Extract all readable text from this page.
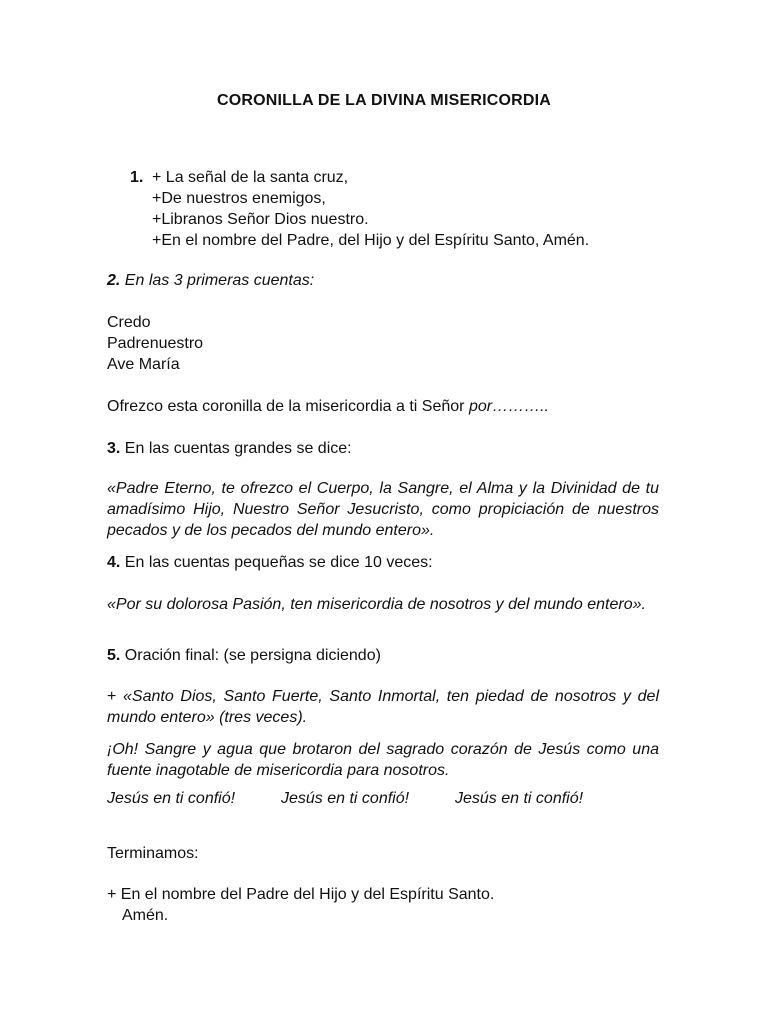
CORONILLA DE LA DIVINA MISERICORDIA
1. + La señal de la santa cruz,
+De nuestros enemigos,
+Libranos Señor Dios nuestro.
+En el nombre del Padre, del Hijo y del Espíritu Santo, Amén.
2. En las 3 primeras cuentas:
Credo
Padrenuestro
Ave María
Ofrezco esta coronilla de la misericordia a ti Señor por………..
3. En las cuentas grandes se dice:
«Padre Eterno, te ofrezco el Cuerpo, la Sangre, el Alma y la Divinidad de tu amadísimo Hijo, Nuestro Señor Jesucristo, como propiciación de nuestros pecados y de los pecados del mundo entero».
4. En las cuentas pequeñas se dice 10 veces:
«Por su dolorosa Pasión, ten misericordia de nosotros y del mundo entero».
5. Oración final: (se persigna diciendo)
+ «Santo Dios, Santo Fuerte, Santo Inmortal, ten piedad de nosotros y del mundo entero» (tres veces).
¡Oh! Sangre y agua que brotaron del sagrado corazón de Jesús como una fuente inagotable de misericordia para nosotros.
Jesús en ti confió!	Jesús en ti confió!	Jesús en ti confió!
Terminamos:
+ En el nombre del Padre del Hijo y del Espíritu Santo.
Amén.
